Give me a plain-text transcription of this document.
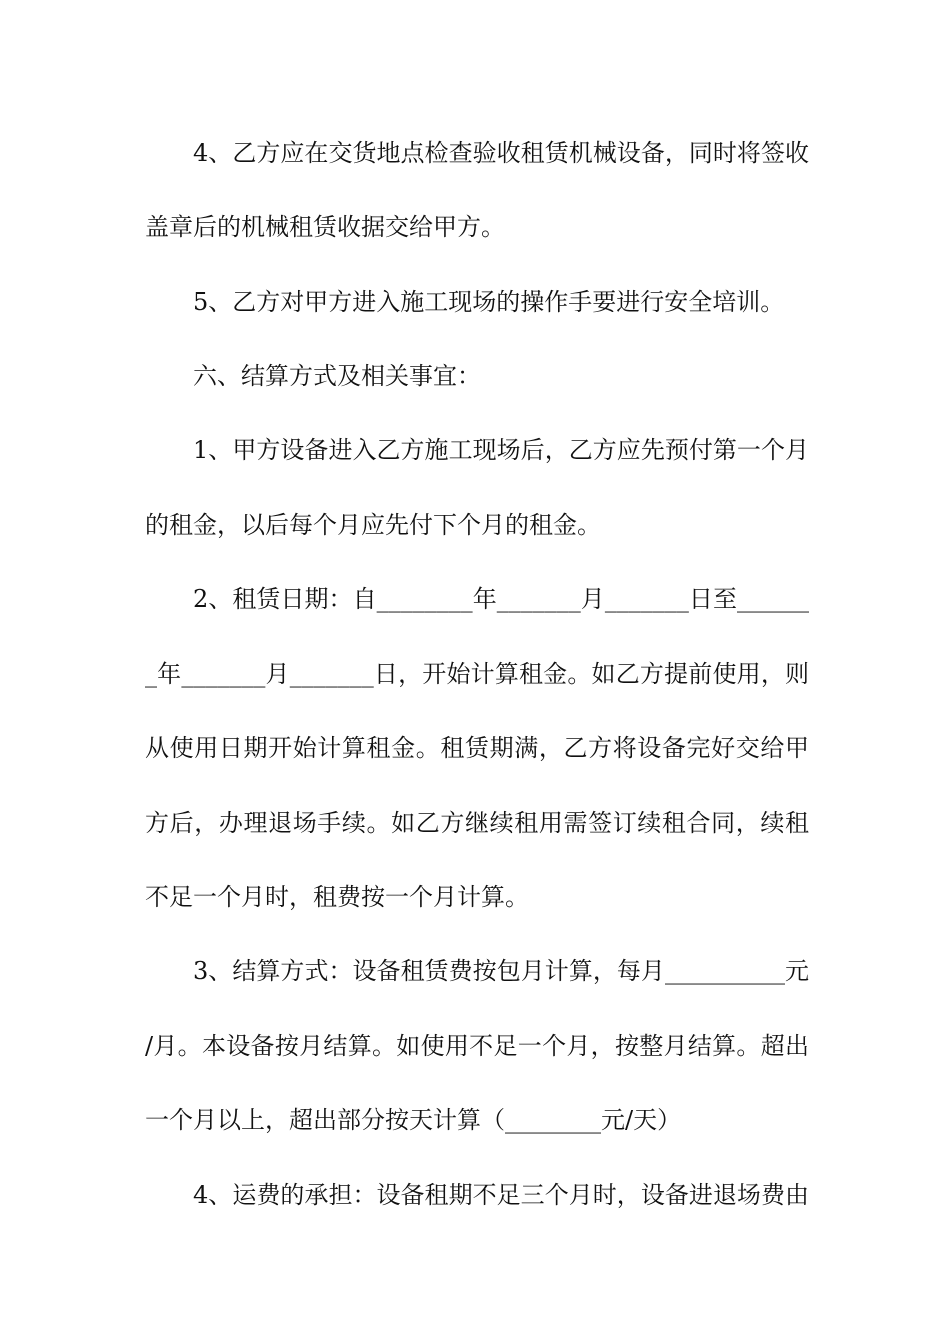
4、乙方应在交货地点检查验收租赁机械设备，同时将签收
盖章后的机械租赁收据交给甲方。
5、乙方对甲方进入施工现场的操作手要进行安全培训。
六、结算方式及相关事宜：
1、甲方设备进入乙方施工现场后，乙方应先预付第一个月
的租金，以后每个月应先付下个月的租金。
2、租赁日期：自________年_______月_______日至______
_年_______月_______日，开始计算租金。如乙方提前使用，则
从使用日期开始计算租金。租赁期满，乙方将设备完好交给甲
方后，办理退场手续。如乙方继续租用需签订续租合同，续租
不足一个月时，租费按一个月计算。
3、结算方式：设备租赁费按包月计算，每月__________元
/月。本设备按月结算。如使用不足一个月，按整月结算。超出
一个月以上，超出部分按天计算（________元/天）
4、运费的承担：设备租期不足三个月时，设备进退场费由
